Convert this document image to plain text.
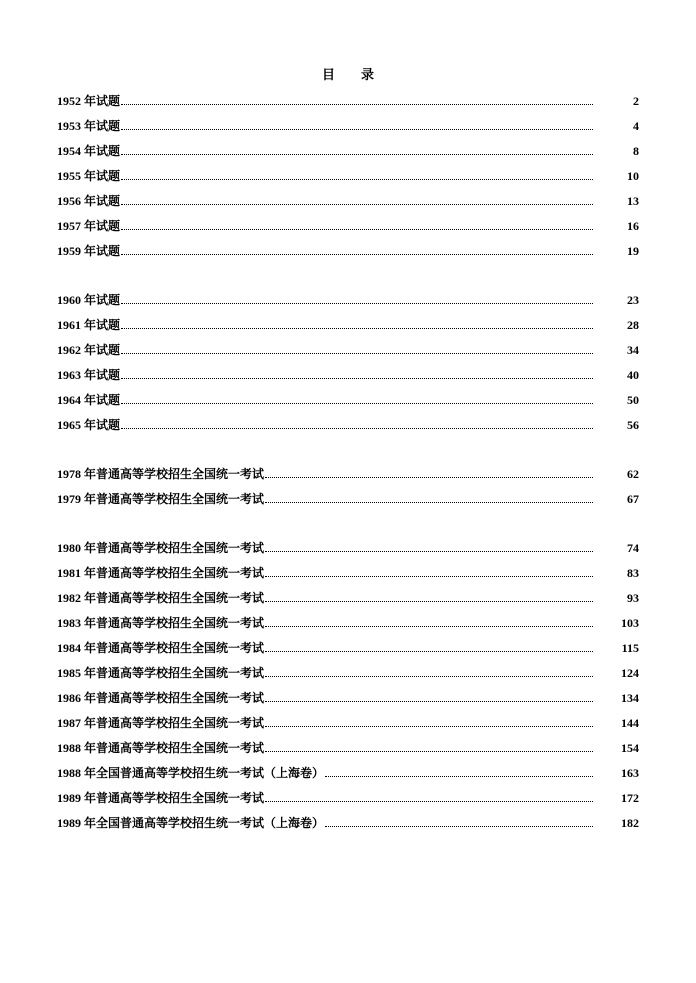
目　　录
1952 年试题	2
1953 年试题	4
1954 年试题	8
1955 年试题	10
1956 年试题	13
1957 年试题	16
1959 年试题	19
1960 年试题	23
1961 年试题	28
1962 年试题	34
1963 年试题	40
1964 年试题	50
1965 年试题	56
1978 年普通高等学校招生全国统一考试	62
1979 年普通高等学校招生全国统一考试	67
1980 年普通高等学校招生全国统一考试	74
1981 年普通高等学校招生全国统一考试	83
1982 年普通高等学校招生全国统一考试	93
1983 年普通高等学校招生全国统一考试	103
1984 年普通高等学校招生全国统一考试	115
1985 年普通高等学校招生全国统一考试	124
1986 年普通高等学校招生全国统一考试	134
1987 年普通高等学校招生全国统一考试	144
1988 年普通高等学校招生全国统一考试	154
1988 年全国普通高等学校招生统一考试（上海卷）	163
1989 年普通高等学校招生全国统一考试	172
1989 年全国普通高等学校招生统一考试（上海卷）	182
